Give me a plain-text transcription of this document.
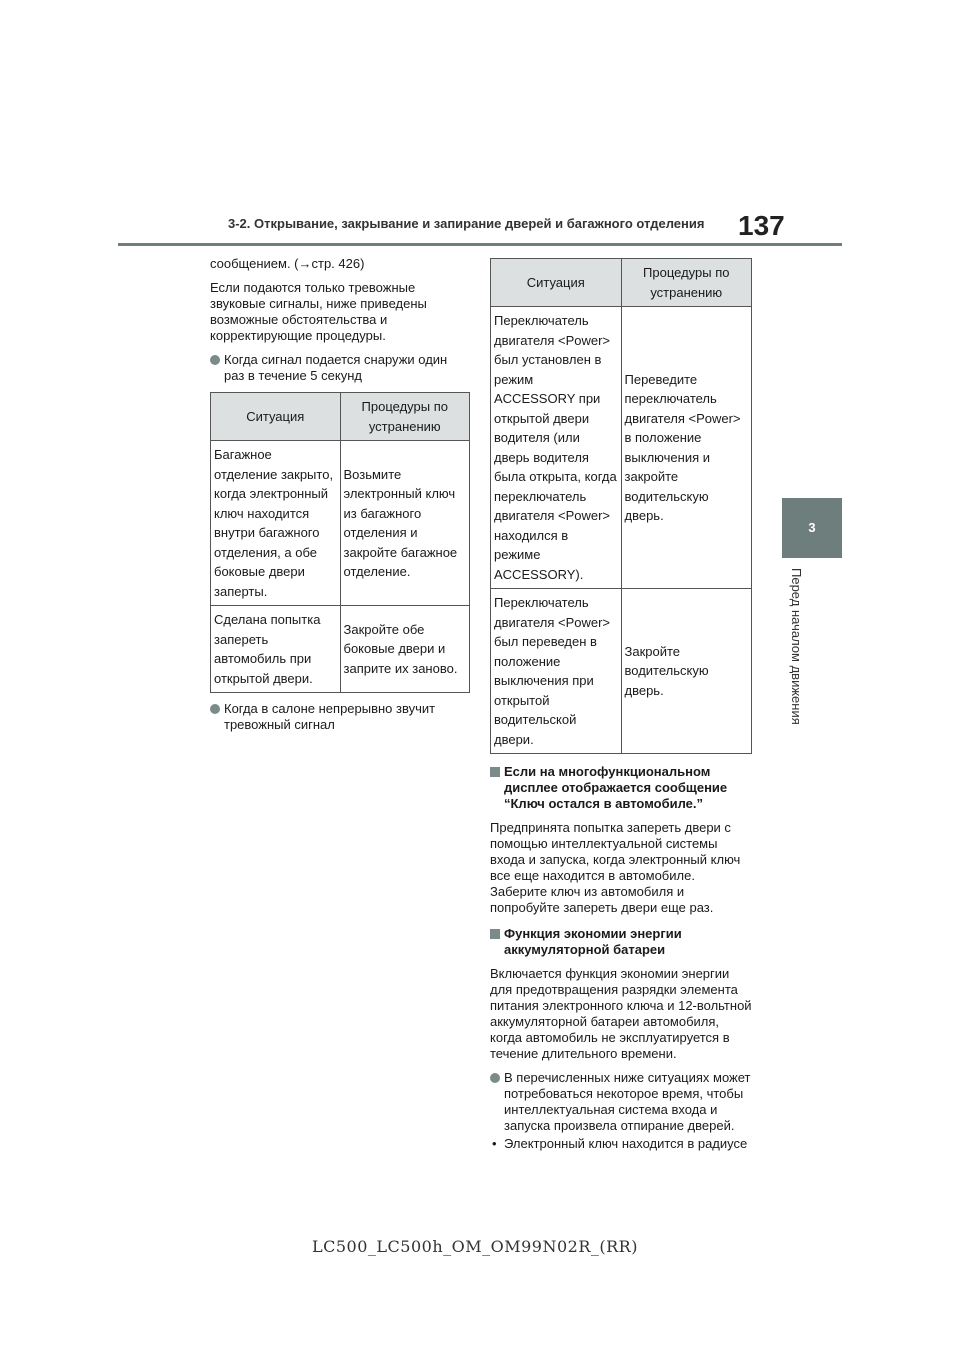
3-2. Открывание, закрывание и запирание дверей и багажного отделения 137
3
Перед началом движения

сообщением. (→стр. 426)

Если подаются только тревожные звуковые сигналы, ниже приведены возможные обстоятельства и корректирующие процедуры.

Когда сигнал подается снаружи один раз в течение 5 секунд
Ситуация	Процедуры по устранению
Багажное отделение закрыто, когда электронный ключ находится внутри багажного отделения, а обе боковые двери заперты.	Возьмите электронный ключ из багажного отделения и закройте багажное отделение.
Сделана попытка запереть автомобиль при открытой двери.	Закройте обе боковые двери и заприте их заново.
Когда в салоне непрерывно звучит тревожный сигнал
Ситуация	Процедуры по устранению
Переключатель двигателя <Power> был установлен в режим ACCESSORY при открытой двери водителя (или дверь водителя была открыта, когда переключатель двигателя <Power> находился в режиме ACCESSORY).	Переведите переключатель двигателя <Power> в положение выключения и закройте водительскую дверь.
Переключатель двигателя <Power> был переведен в положение выключения при открытой водительской двери.	Закройте водительскую дверь.
Если на многофункциональном дисплее отображается сообщение “Ключ остался в автомобиле.”

Предпринята попытка запереть двери с помощью интеллектуальной системы входа и запуска, когда электронный ключ все еще находится в автомобиле. Заберите ключ из автомобиля и попробуйте запереть двери еще раз.

Функция экономии энергии аккумуляторной батареи

Включается функция экономии энергии для предотвращения разрядки элемента питания электронного ключа и 12-вольтной аккумуляторной батареи автомобиля, когда автомобиль не эксплуатируется в течение длительного времени.

В перечисленных ниже ситуациях может потребоваться некоторое время, чтобы интеллектуальная система входа и запуска произвела отпирание дверей.
• Электронный ключ находится в радиусе
LC500_LC500h_OM_OM99N02R_(RR)
